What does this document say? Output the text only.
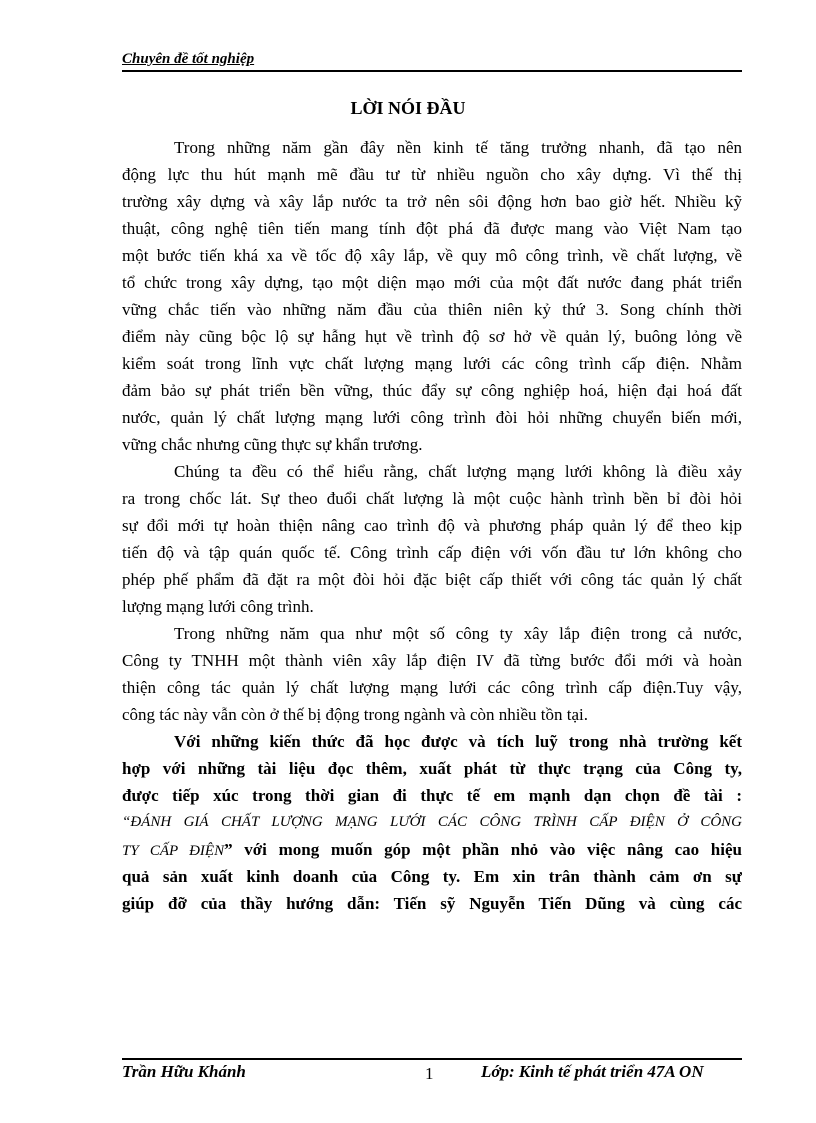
Chuyên đề tốt nghiệp
LỜI NÓI ĐẦU
Trong những năm gần đây nền kinh tế tăng trưởng nhanh, đã tạo nên
động lực thu hút mạnh mẽ đầu tư từ nhiều nguồn cho xây dựng. Vì thế thị
trường xây dựng và xây lắp nước ta trở nên sôi động hơn bao giờ hết. Nhiều kỹ
thuật, công nghệ tiên tiến mang tính đột phá đã được mang vào Việt Nam tạo
một bước tiến khá xa về tốc độ xây lắp, về quy mô công trình, về chất lượng, về
tổ chức trong xây dựng, tạo một diện mạo mới của một đất nước đang phát triển
vững chắc tiến vào những năm đầu của thiên niên kỷ thứ 3. Song chính thời
điểm này cũng bộc lộ sự hẫng hụt về trình độ sơ hở về quản lý, buông lỏng về
kiểm soát trong lĩnh vực chất lượng mạng lưới các công trình cấp điện. Nhằm
đảm bảo sự phát triển bền vững, thúc đẩy sự công nghiệp hoá, hiện đại hoá đất
nước, quản lý chất lượng mạng lưới công trình đòi hỏi những chuyển biến mới,
vững chắc nhưng cũng thực sự khẩn trương.
Chúng ta đều có thể hiểu rằng, chất lượng mạng lưới không là điều xảy
ra trong chốc lát. Sự theo đuổi chất lượng là một cuộc hành trình bền bỉ đòi hỏi
sự đổi mới tự hoàn thiện nâng cao trình độ và phương pháp quản lý để theo kịp
tiến độ và tập quán quốc tế. Công trình cấp điện với vốn đầu tư lớn không cho
phép phế phẩm đã đặt ra một đòi hỏi đặc biệt cấp thiết với công tác quản lý chất
lượng mạng lưới công trình.
Trong những năm qua như một số công ty xây lắp điện trong cả nước,
Công ty TNHH một thành viên xây lắp điện IV đã từng bước đổi mới và hoàn
thiện công tác quản lý chất lượng mạng lưới các công trình cấp điện.Tuy vậy,
công tác này vẫn còn ở thế bị động trong ngành và còn nhiều tồn tại.
Với những kiến thức đã học được và tích luỹ trong nhà trường kết
hợp với những tài liệu đọc thêm, xuất phát từ thực trạng của Công ty,
được tiếp xúc trong thời gian đi thực tế em mạnh dạn chọn đề tài :
“ĐÁNH GIÁ CHẤT LƯỢNG MẠNG LƯỚI CÁC CÔNG TRÌNH CẤP ĐIỆN Ở CÔNG
TY CẤP ĐIỆN” với mong muốn góp một phần nhỏ vào việc nâng cao hiệu
quả sản xuất kinh doanh của Công ty. Em xin trân thành cảm ơn sự
giúp đỡ của thầy hướng dẫn: Tiến sỹ Nguyễn Tiến Dũng và cùng các
Trần Hữu Khánh	1	Lớp: Kinh tế phát triển 47A ON
